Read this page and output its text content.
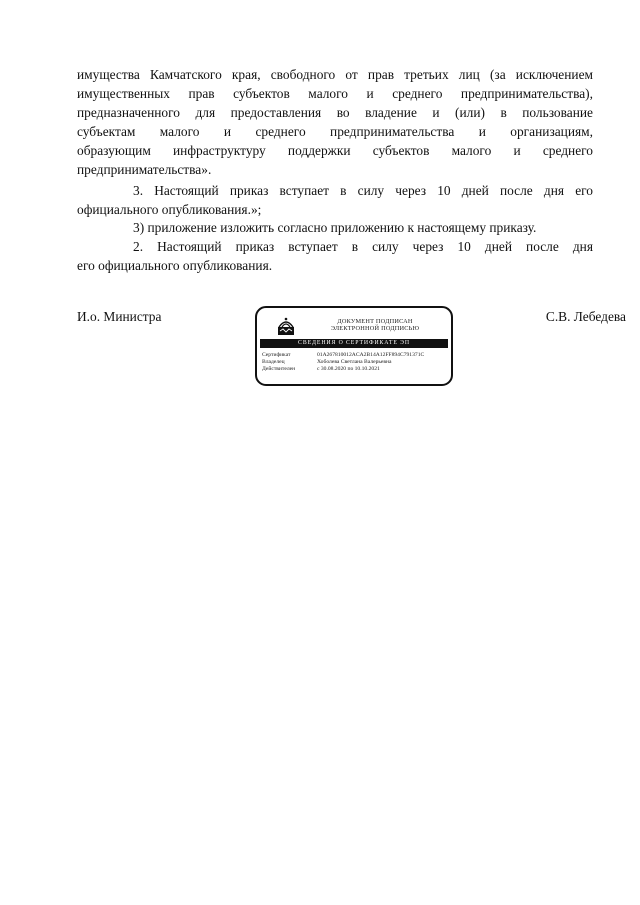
имущества Камчатского края, свободного от прав третьих лиц (за исключением
имущественных прав субъектов малого и среднего предпринимательства),
предназначенного для предоставления во владение и (или) в пользование
субъектам малого и среднего предпринимательства и организациям,
образующим инфраструктуру поддержки субъектов малого и среднего
предпринимательства».
3. Настоящий приказ вступает в силу через 10 дней после дня его
официального опубликования.»;
3) приложение изложить согласно приложению к настоящему приказу.
2. Настоящий приказ вступает в силу через 10 дней после дня
его официального опубликования.
И.о. Министра	С.В. Лебедева
ДОКУМЕНТ ПОДПИСАН
ЭЛЕКТРОННОЙ ПОДПИСЬЮ
СВЕДЕНИЯ О СЕРТИФИКАТЕ ЭП
Сертификат	01A267810012ACA2B14A12FF894C791371С
Владелец	Хоболева Светлана Валерьевна
Действителен	с 30.08.2020 по 10.10.2021
